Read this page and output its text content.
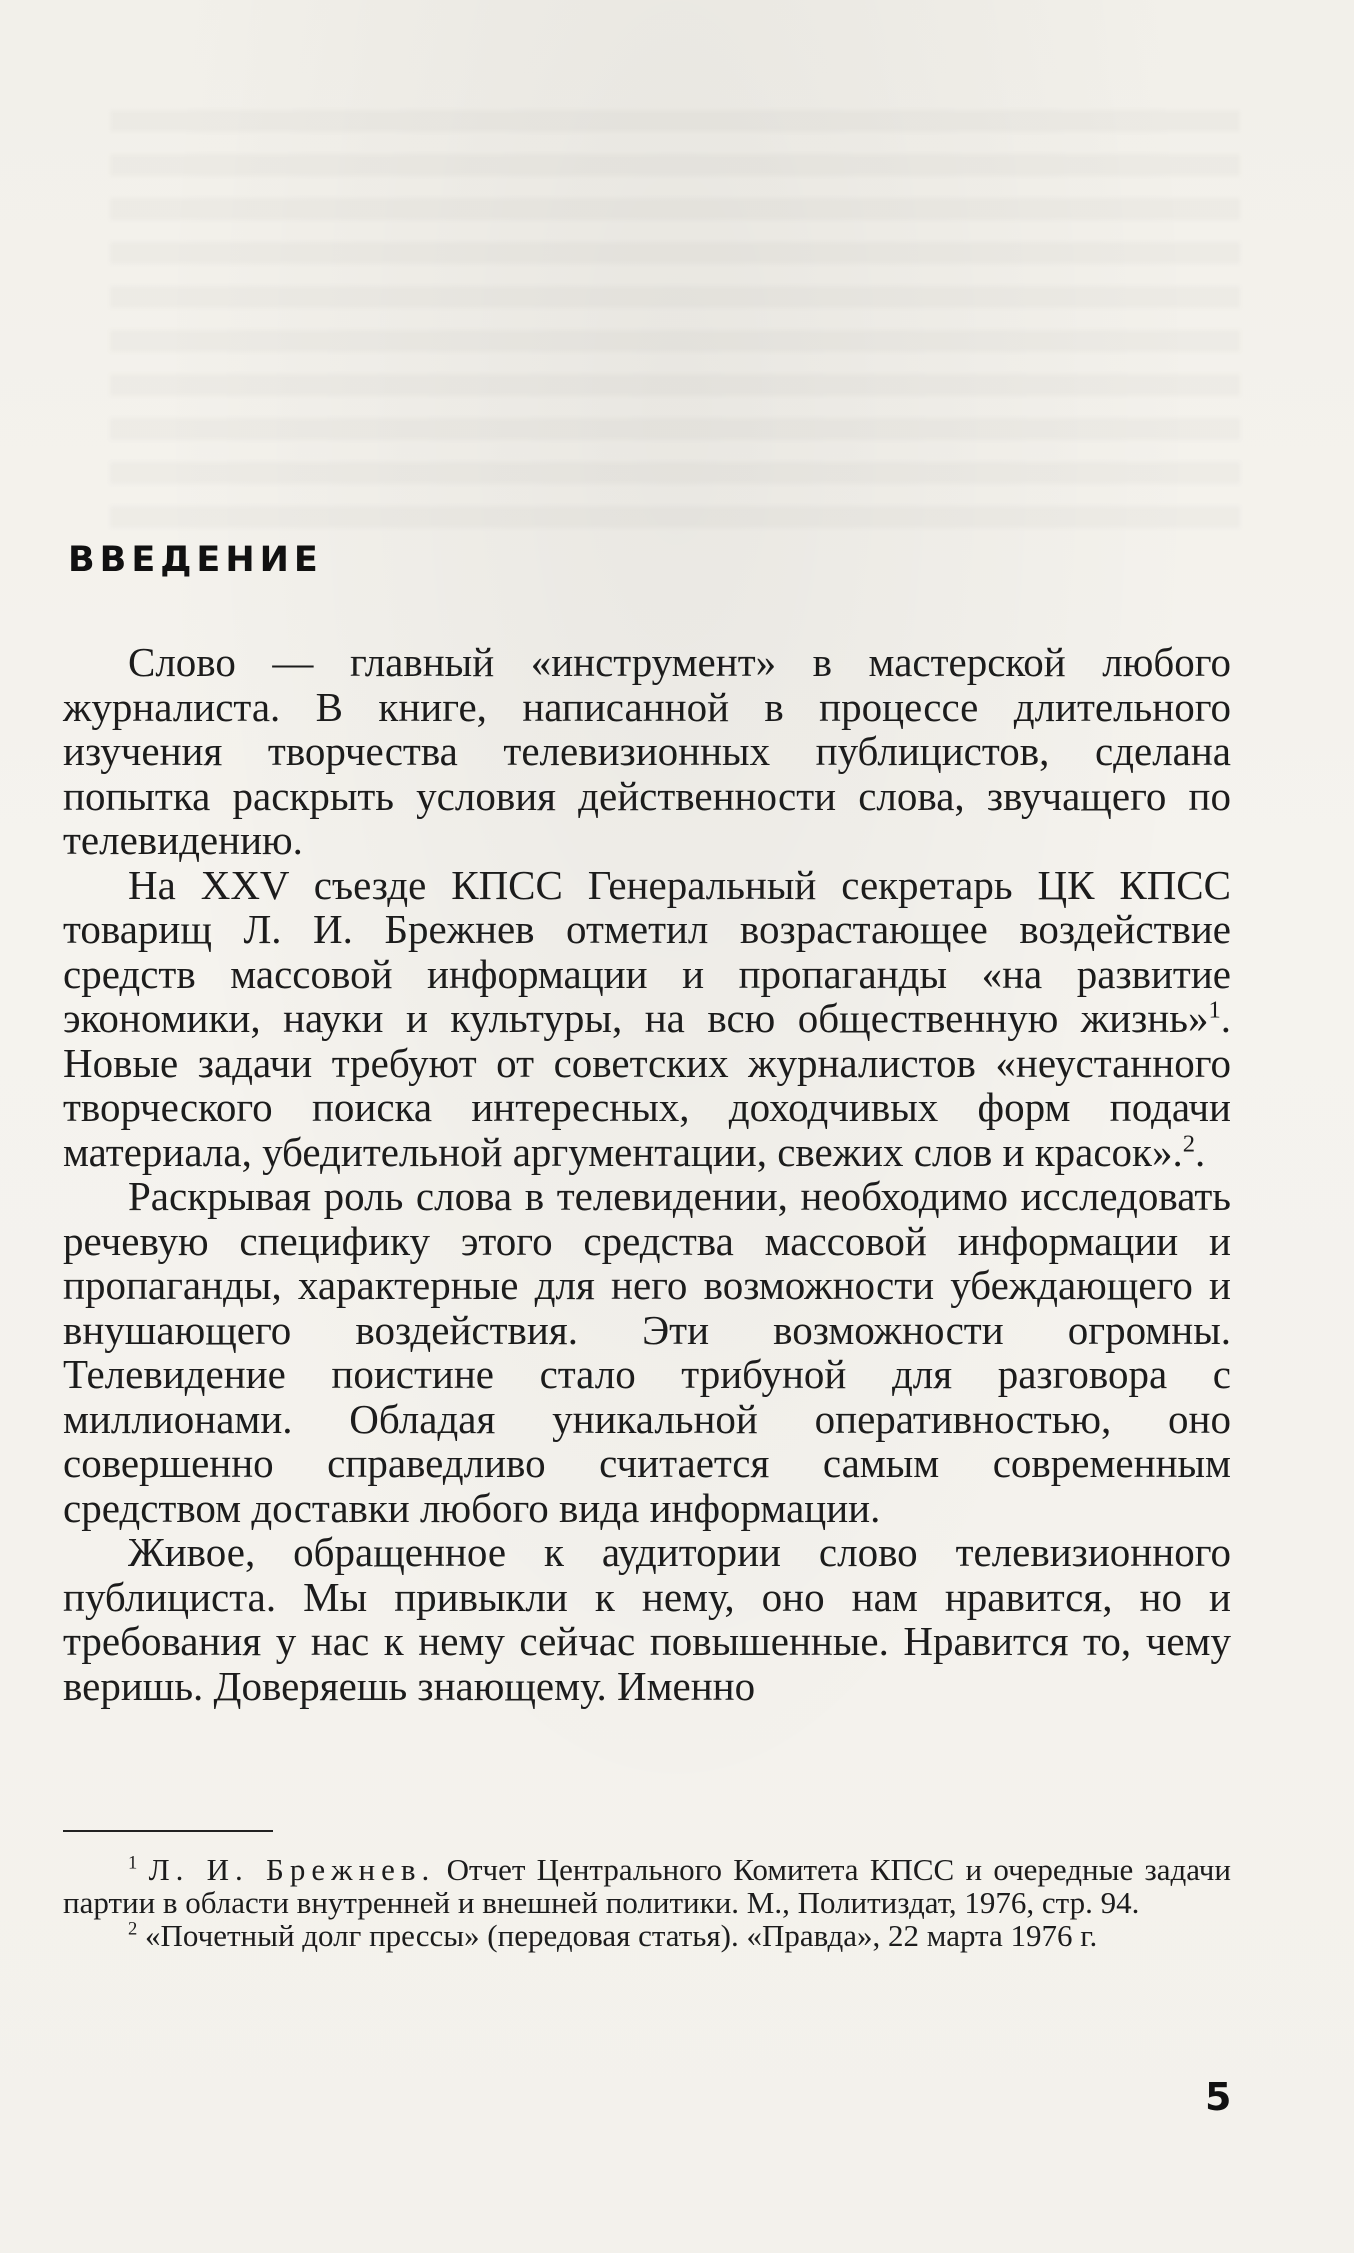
ВВЕДЕНИЕ

Слово — главный «инструмент» в мастерской любого журналиста. В книге, написанной в процессе длительного изучения творчества телевизионных публицистов, сделана попытка раскрыть условия действенности слова, звучащего по телевидению.

На XXV съезде КПСС Генеральный секретарь ЦК КПСС товарищ Л. И. Брежнев отметил возрастающее воздействие средств массовой информации и пропаганды «на развитие экономики, науки и культуры, на всю общественную жизнь»$^1$. Новые задачи требуют от советских журналистов «неустанного творческого поиска интересных, доходчивых форм подачи материала, убедительной аргументации, свежих слов и красок».$^2$.

Раскрывая роль слова в телевидении, необходимо исследовать речевую специфику этого средства массовой информации и пропаганды, характерные для него возможности убеждающего и внушающего воздействия. Эти возможности огромны. Телевидение поистине стало трибуной для разговора с миллионами. Обладая уникальной оперативностью, оно совершенно справедливо считается самым современным средством доставки любого вида информации.

Живое, обращенное к аудитории слово телевизионного публициста. Мы привыкли к нему, оно нам нравится, но и требования у нас к нему сейчас повышенные. Нравится то, чему веришь. Доверяешь знающему. Именно

$^1$ Л. И. Брежнев. Отчет Центрального Комитета КПСС и очередные задачи партии в области внутренней и внешней политики. М., Политиздат, 1976, стр. 94.

$^2$ «Почетный долг прессы» (передовая статья). «Правда», 22 марта 1976 г.

5
